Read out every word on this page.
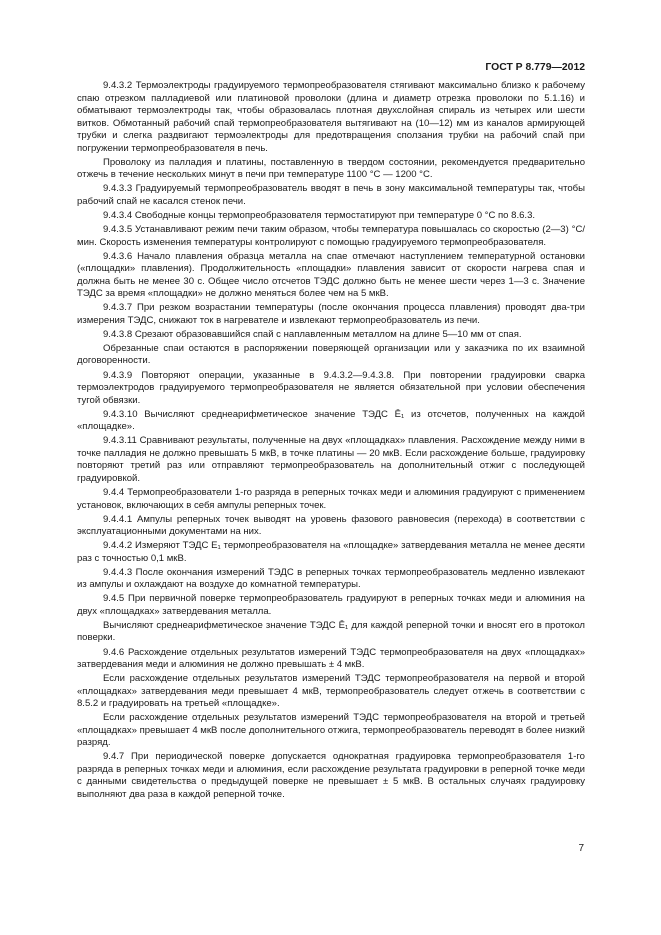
ГОСТ Р 8.779—2012

9.4.3.2 Термоэлектроды градуируемого термопреобразователя стягивают максимально близко к рабочему спаю отрезком палладиевой или платиновой проволоки (длина и диаметр отрезка проволоки по 5.1.16) и обматывают термоэлектроды так, чтобы образовалась плотная двухслойная спираль из четырех или шести витков. Обмотанный рабочий спай термопреобразователя вытягивают на (10—12) мм из каналов армирующей трубки и слегка раздвигают термоэлектроды для предотвращения сползания трубки на рабочий спай при погружении термопреобразователя в печь.

Проволоку из палладия и платины, поставленную в твердом состоянии, рекомендуется предварительно отжечь в течение нескольких минут в печи при температуре 1100 °С — 1200 °С.

9.4.3.3 Градуируемый термопреобразователь вводят в печь в зону максимальной температуры так, чтобы рабочий спай не касался стенок печи.

9.4.3.4 Свободные концы термопреобразователя термостатируют при температуре 0 °С по 8.6.3.

9.4.3.5 Устанавливают режим печи таким образом, чтобы температура повышалась со скоростью (2—3) °С/мин. Скорость изменения температуры контролируют с помощью градуируемого термопреобразователя.

9.4.3.6 Начало плавления образца металла на спае отмечают наступлением температурной остановки («площадки» плавления). Продолжительность «площадки» плавления зависит от скорости нагрева спая и должна быть не менее 30 с. Общее число отсчетов ТЭДС должно быть не менее шести через 1—3 с. Значение ТЭДС за время «площадки» не должно меняться более чем на 5 мкВ.

9.4.3.7 При резком возрастании температуры (после окончания процесса плавления) проводят два-три измерения ТЭДС, снижают ток в нагревателе и извлекают термопреобразователь из печи.

9.4.3.8 Срезают образовавшийся спай с наплавленным металлом на длине 5—10 мм от спая.

Обрезанные спаи остаются в распоряжении поверяющей организации или у заказчика по их взаимной договоренности.

9.4.3.9 Повторяют операции, указанные в 9.4.3.2—9.4.3.8. При повторении градуировки сварка термоэлектродов градуируемого термопреобразователя не является обязательной при условии обеспечения тугой обвязки.

9.4.3.10 Вычисляют среднеарифметическое значение ТЭДС Ē₁ из отсчетов, полученных на каждой «площадке».

9.4.3.11 Сравнивают результаты, полученные на двух «площадках» плавления. Расхождение между ними в точке палладия не должно превышать 5 мкВ, в точке платины — 20 мкВ. Если расхождение больше, градуировку повторяют третий раз или отправляют термопреобразователь на дополнительный отжиг с последующей градуировкой.

9.4.4 Термопреобразователи 1-го разряда в реперных точках меди и алюминия градуируют с применением установок, включающих в себя ампулы реперных точек.

9.4.4.1 Ампулы реперных точек выводят на уровень фазового равновесия (перехода) в соответствии с эксплуатационными документами на них.

9.4.4.2 Измеряют ТЭДС E₁ термопреобразователя на «площадке» затвердевания металла не менее десяти раз с точностью 0,1 мкВ.

9.4.4.3 После окончания измерений ТЭДС в реперных точках термопреобразователь медленно извлекают из ампулы и охлаждают на воздухе до комнатной температуры.

9.4.5 При первичной поверке термопреобразователь градуируют в реперных точках меди и алюминия на двух «площадках» затвердевания металла.

Вычисляют среднеарифметическое значение ТЭДС Ē₁ для каждой реперной точки и вносят его в протокол поверки.

9.4.6 Расхождение отдельных результатов измерений ТЭДС термопреобразователя на двух «площадках» затвердевания меди и алюминия не должно превышать ± 4 мкВ.

Если расхождение отдельных результатов измерений ТЭДС термопреобразователя на первой и второй «площадках» затвердевания меди превышает 4 мкВ, термопреобразователь следует отжечь в соответствии с 8.5.2 и градуировать на третьей «площадке».

Если расхождение отдельных результатов измерений ТЭДС термопреобразователя на второй и третьей «площадках» превышает 4 мкВ после дополнительного отжига, термопреобразователь переводят в более низкий разряд.

9.4.7 При периодической поверке допускается однократная градуировка термопреобразователя 1-го разряда в реперных точках меди и алюминия, если расхождение результата градуировки в реперной точке меди с данными свидетельства о предыдущей поверке не превышает ± 5 мкВ. В остальных случаях градуировку выполняют два раза в каждой реперной точке.

7
